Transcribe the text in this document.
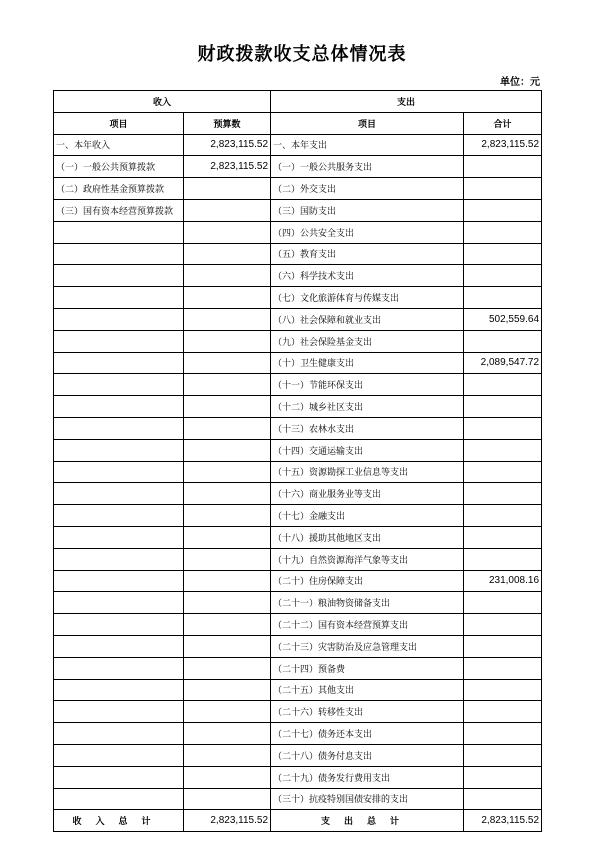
财政拨款收支总体情况表
单位：元
收入		支出	
项目	预算数	项目	合计
一、本年收入	2,823,115.52	一、本年支出	2,823,115.52
（一）一般公共预算拨款	2,823,115.52	（一）一般公共服务支出	
（二）政府性基金预算拨款		（二）外交支出	
（三）国有资本经营预算拨款		（三）国防支出	
		（四）公共安全支出	
		（五）教育支出	
		（六）科学技术支出	
		（七）文化旅游体育与传媒支出	
		（八）社会保障和就业支出	502,559.64
		（九）社会保险基金支出	
		（十）卫生健康支出	2,089,547.72
		（十一）节能环保支出	
		（十二）城乡社区支出	
		（十三）农林水支出	
		（十四）交通运输支出	
		（十五）资源勘探工业信息等支出	
		（十六）商业服务业等支出	
		（十七）金融支出	
		（十八）援助其他地区支出	
		（十九）自然资源海洋气象等支出	
		（二十）住房保障支出	231,008.16
		（二十一）粮油物资储备支出	
		（二十二）国有资本经营预算支出	
		（二十三）灾害防治及应急管理支出	
		（二十四）预备费	
		（二十五）其他支出	
		（二十六）转移性支出	
		（二十七）债务还本支出	
		（二十八）债务付息支出	
		（二十九）债务发行费用支出	
		（三十）抗疫特别国债安排的支出	
收入总计	2,823,115.52	支出总计	2,823,115.52
